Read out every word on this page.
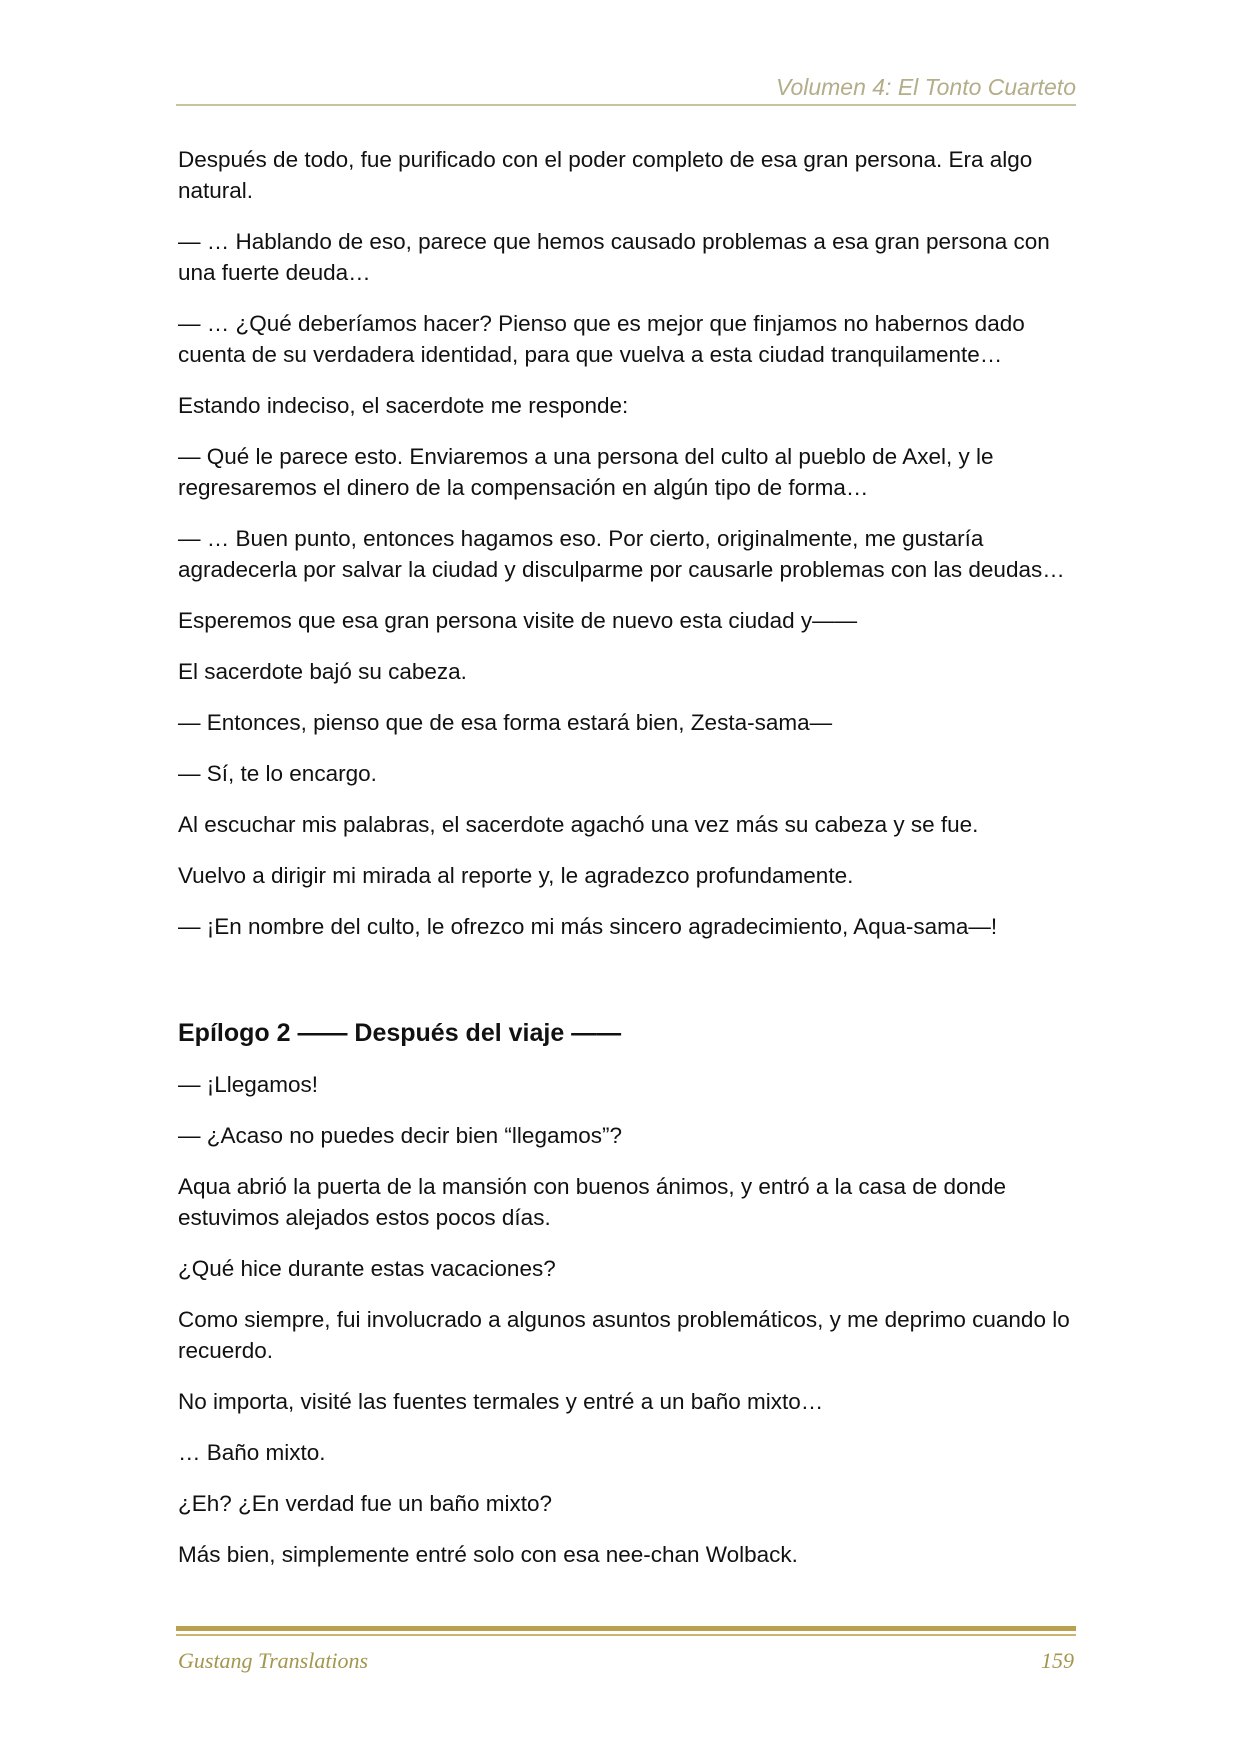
Volumen 4: El Tonto Cuarteto

Después de todo, fue purificado con el poder completo de esa gran persona. Era algo natural.

— … Hablando de eso, parece que hemos causado problemas a esa gran persona con una fuerte deuda…

— … ¿Qué deberíamos hacer? Pienso que es mejor que finjamos no habernos dado cuenta de su verdadera identidad, para que vuelva a esta ciudad tranquilamente…

Estando indeciso, el sacerdote me responde:

— Qué le parece esto. Enviaremos a una persona del culto al pueblo de Axel, y le regresaremos el dinero de la compensación en algún tipo de forma…

— … Buen punto, entonces hagamos eso. Por cierto, originalmente, me gustaría agradecerla por salvar la ciudad y disculparme por causarle problemas con las deudas…

Esperemos que esa gran persona visite de nuevo esta ciudad y——

El sacerdote bajó su cabeza.

— Entonces, pienso que de esa forma estará bien, Zesta-sama—

— Sí, te lo encargo.

Al escuchar mis palabras, el sacerdote agachó una vez más su cabeza y se fue.

Vuelvo a dirigir mi mirada al reporte y, le agradezco profundamente.

— ¡En nombre del culto, le ofrezco mi más sincero agradecimiento, Aqua-sama—!

Epílogo 2 —— Después del viaje ——

— ¡Llegamos!

— ¿Acaso no puedes decir bien “llegamos”?

Aqua abrió la puerta de la mansión con buenos ánimos, y entró a la casa de donde estuvimos alejados estos pocos días.

¿Qué hice durante estas vacaciones?

Como siempre, fui involucrado a algunos asuntos problemáticos, y me deprimo cuando lo recuerdo.

No importa, visité las fuentes termales y entré a un baño mixto…

… Baño mixto.

¿Eh? ¿En verdad fue un baño mixto?

Más bien, simplemente entré solo con esa nee-chan Wolback.

Gustang Translations	159
